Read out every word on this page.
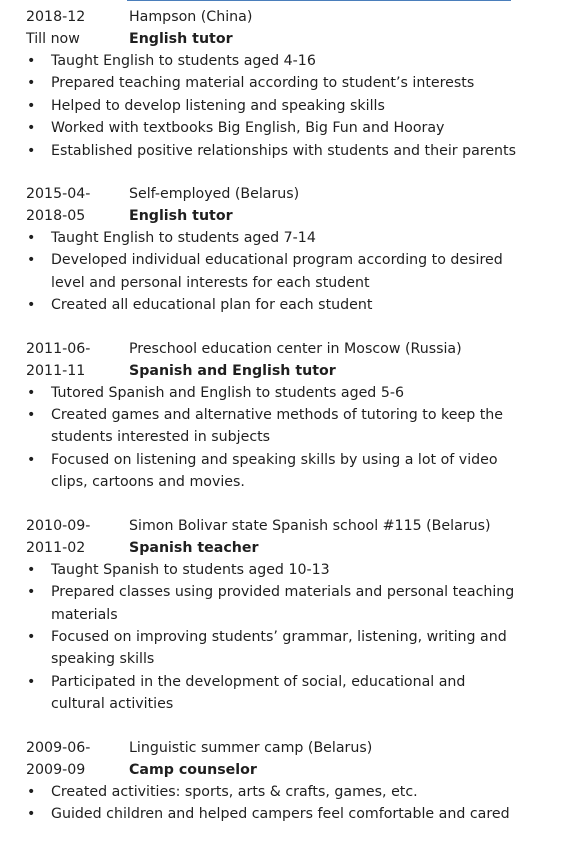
2018-12	Hampson (China)
Till now	English tutor
• Taught English to students aged 4-16
• Prepared teaching material according to student’s interests
• Helped to develop listening and speaking skills
• Worked with textbooks Big English, Big Fun and Hooray
• Established positive relationships with students and their parents
2015-04-	Self-employed (Belarus)
2018-05	English tutor
• Taught English to students aged 7-14
• Developed individual educational program according to desired level and personal interests for each student
• Created all educational plan for each student
2011-06-	Preschool education center in Moscow (Russia)
2011-11	Spanish and English tutor
• Tutored Spanish and English to students aged 5-6
• Created games and alternative methods of tutoring to keep the students interested in subjects
• Focused on listening and speaking skills by using a lot of video clips, cartoons and movies.
2010-09-	Simon Bolivar state Spanish school #115 (Belarus)
2011-02	Spanish teacher
• Taught Spanish to students aged 10-13
• Prepared classes using provided materials and personal teaching materials
• Focused on improving students’ grammar, listening, writing and speaking skills
• Participated in the development of social, educational and cultural activities
2009-06-	Linguistic summer camp (Belarus)
2009-09	Camp counselor
• Created activities: sports, arts & crafts, games, etc.
• Guided children and helped campers feel comfortable and cared
